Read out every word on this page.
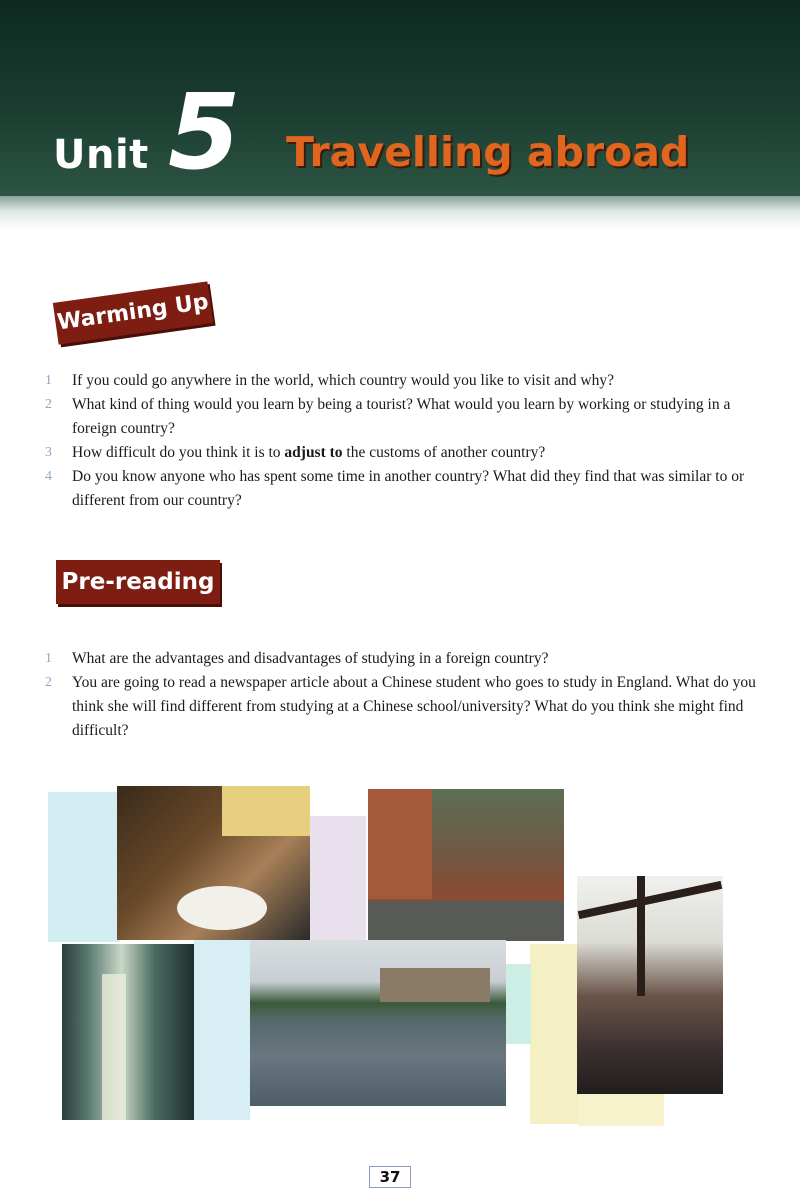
Unit 5 Travelling abroad
Warming Up
1 If you could go anywhere in the world, which country would you like to visit and why?
2 What kind of thing would you learn by being a tourist? What would you learn by working or studying in a foreign country?
3 How difficult do you think it is to adjust to the customs of another country?
4 Do you know anyone who has spent some time in another country? What did they find that was similar to or different from our country?
Pre-reading
1 What are the advantages and disadvantages of studying in a foreign country?
2 You are going to read a newspaper article about a Chinese student who goes to study in England. What do you think she will find different from studying at a Chinese school/university? What do you think she might find difficult?
37
